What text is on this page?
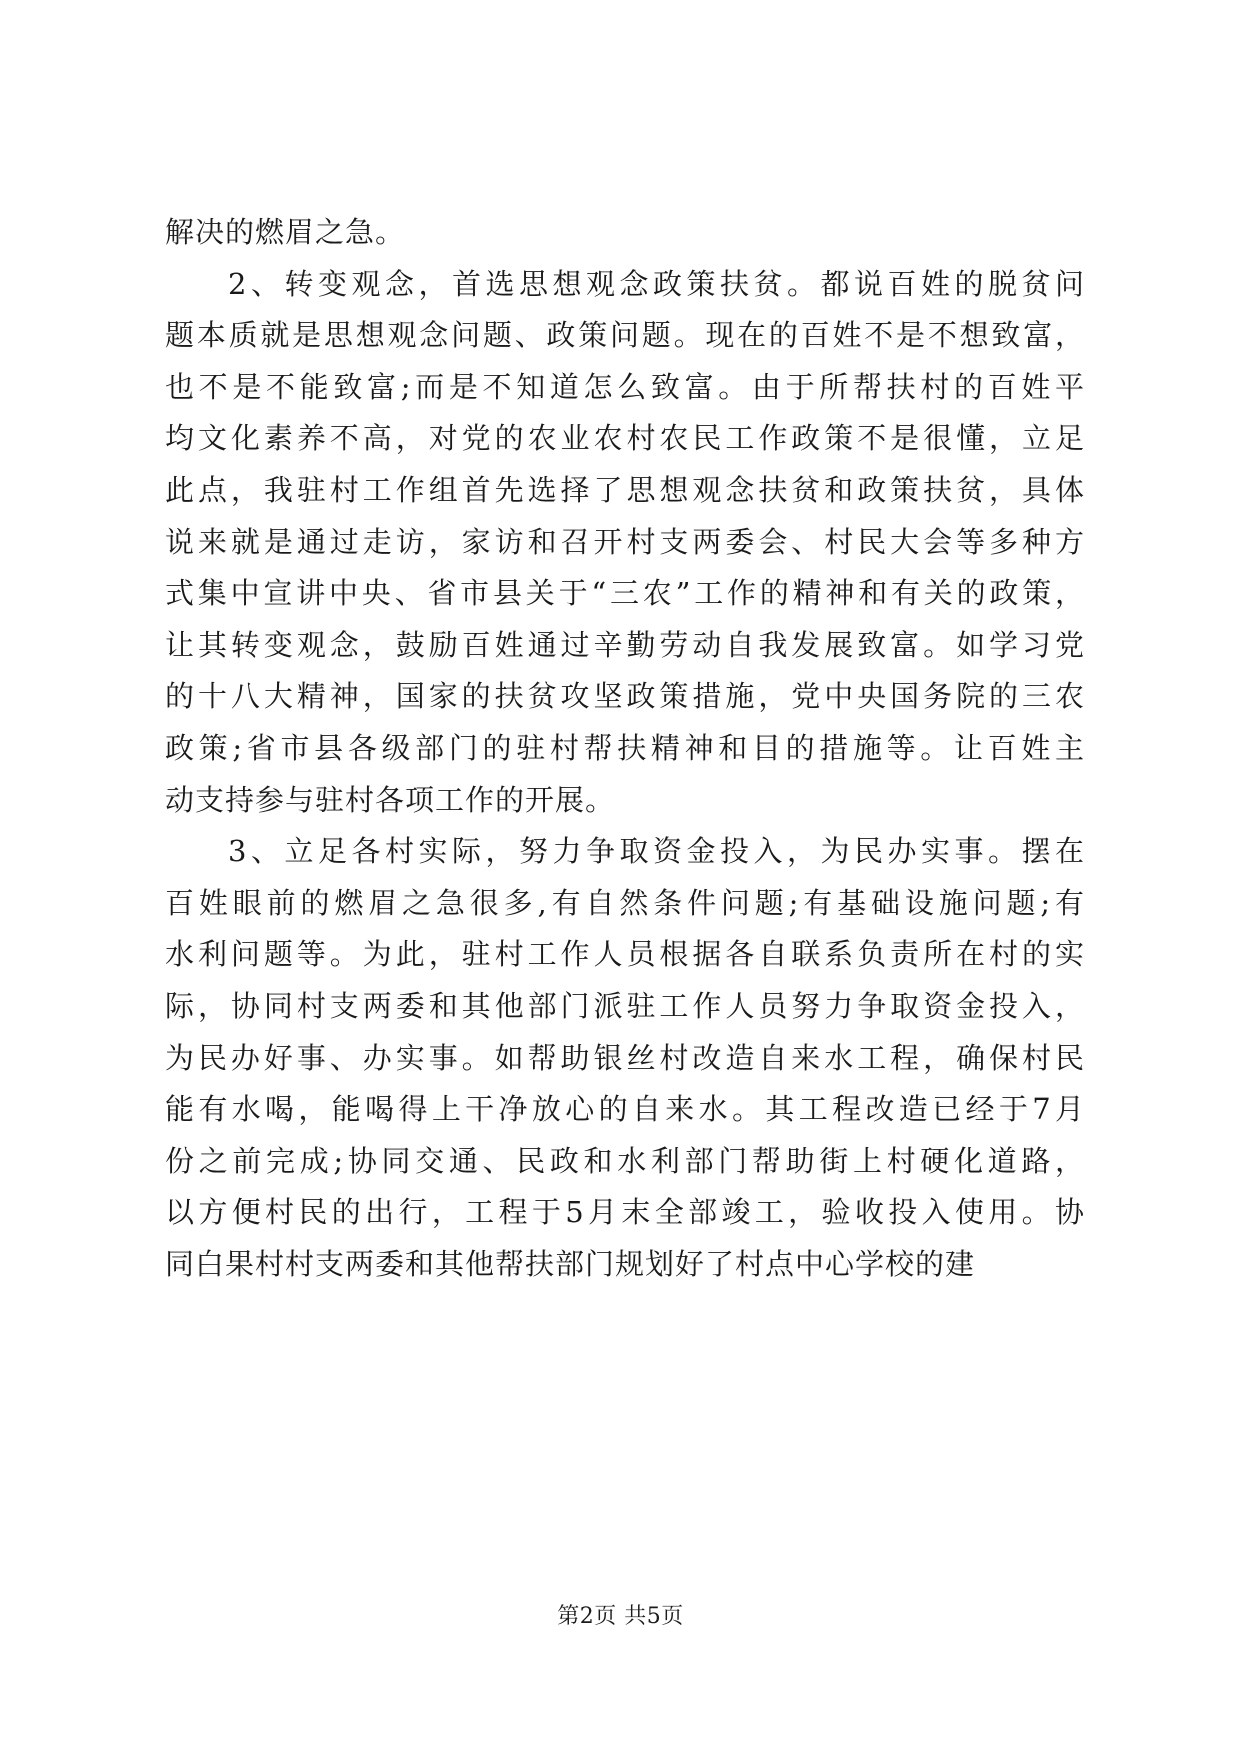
解决的燃眉之急。
2、转变观念，首选思想观念政策扶贫。都说百姓的脱贫问
题本质就是思想观念问题、政策问题。现在的百姓不是不想致富，
也不是不能致富;而是不知道怎么致富。由于所帮扶村的百姓平
均文化素养不高，对党的农业农村农民工作政策不是很懂，立足
此点，我驻村工作组首先选择了思想观念扶贫和政策扶贫，具体
说来就是通过走访，家访和召开村支两委会、村民大会等多种方
式集中宣讲中央、省市县关于“三农”工作的精神和有关的政策，
让其转变观念，鼓励百姓通过辛勤劳动自我发展致富。如学习党
的十八大精神，国家的扶贫攻坚政策措施，党中央国务院的三农
政策;省市县各级部门的驻村帮扶精神和目的措施等。让百姓主
动支持参与驻村各项工作的开展。
3、立足各村实际，努力争取资金投入，为民办实事。摆在
百姓眼前的燃眉之急很多,有自然条件问题;有基础设施问题;有
水利问题等。为此，驻村工作人员根据各自联系负责所在村的实
际，协同村支两委和其他部门派驻工作人员努力争取资金投入，
为民办好事、办实事。如帮助银丝村改造自来水工程，确保村民
能有水喝，能喝得上干净放心的自来水。其工程改造已经于7月
份之前完成;协同交通、民政和水利部门帮助街上村硬化道路，
以方便村民的出行，工程于5月末全部竣工，验收投入使用。协
同白果村村支两委和其他帮扶部门规划好了村点中心学校的建
第2页 共5页
